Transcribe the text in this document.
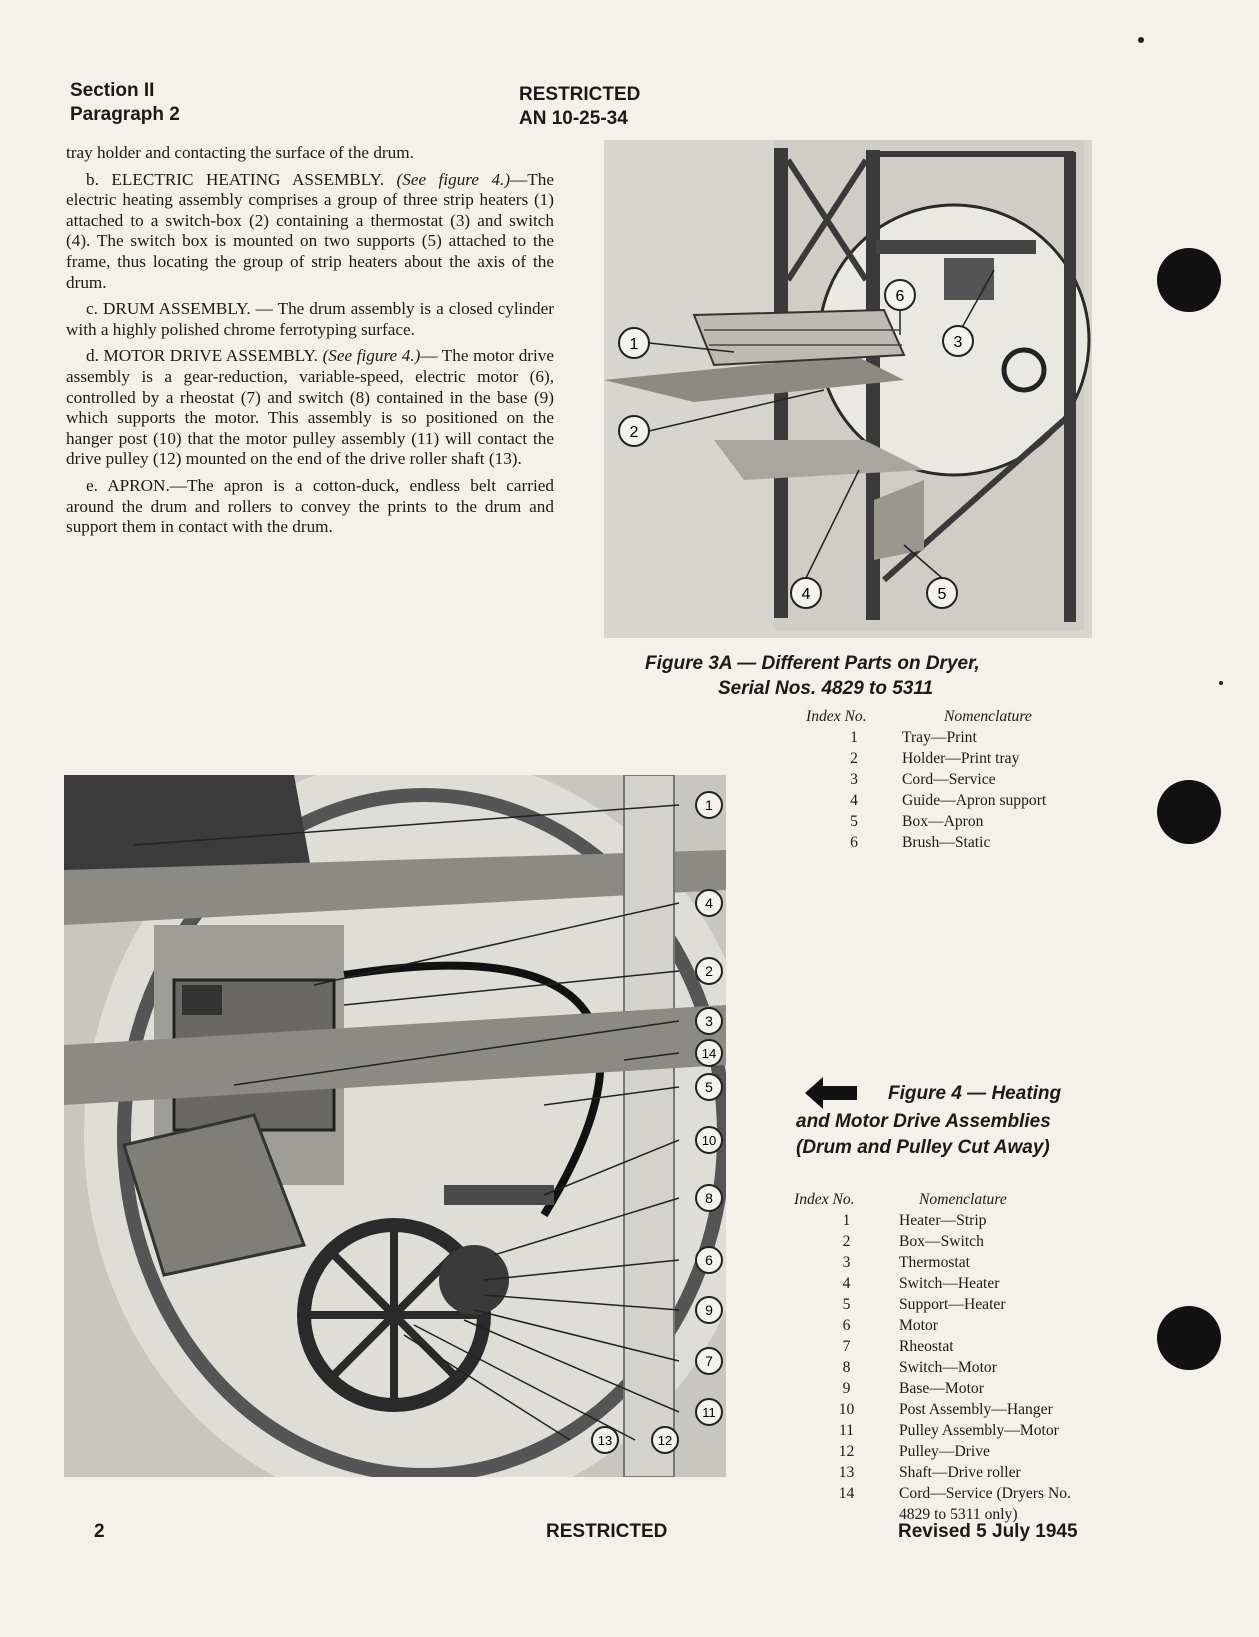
Section II
Paragraph 2
RESTRICTED
AN 10-25-34

tray holder and contacting the surface of the drum.

b. ELECTRIC HEATING ASSEMBLY. (See figure 4.)—The electric heating assembly comprises a group of three strip heaters (1) attached to a switch-box (2) containing a thermostat (3) and switch (4). The switch box is mounted on two supports (5) attached to the frame, thus locating the group of strip heaters about the axis of the drum.

c. DRUM ASSEMBLY. — The drum assembly is a closed cylinder with a highly polished chrome ferrotyping surface.

d. MOTOR DRIVE ASSEMBLY. (See figure 4.)— The motor drive assembly is a gear-reduction, variable-speed, electric motor (6), controlled by a rheostat (7) and switch (8) contained in the base (9) which supports the motor. This assembly is so positioned on the hanger post (10) that the motor pulley assembly (11) will contact the drive pulley (12) mounted on the end of the drive roller shaft (13).

e. APRON.—The apron is a cotton-duck, endless belt carried around the drum and rollers to convey the prints to the drum and support them in contact with the drum.

1
2
3
4	5
6
Figure 3A — Different Parts on Dryer,
Serial Nos. 4829 to 5311
Index No.	Nomenclature
1	Tray—Print
2	Holder—Print tray
3	Cord—Service
4	Guide—Apron support
5	Box—Apron
6	Brush—Static
1
4
2
3
14
5
10
8
6
9
7
11
13	12
Figure 4 — Heating
and Motor Drive Assemblies
(Drum and Pulley Cut Away)
Index No.	Nomenclature
1	Heater—Strip
2	Box—Switch
3	Thermostat
4	Switch—Heater
5	Support—Heater
6	Motor
7	Rheostat
8	Switch—Motor
9	Base—Motor
10	Post Assembly—Hanger
11	Pulley Assembly—Motor
12	Pulley—Drive
13	Shaft—Drive roller
14	Cord—Service (Dryers No. 4829 to 5311 only)
2	RESTRICTED	Revised 5 July 1945
